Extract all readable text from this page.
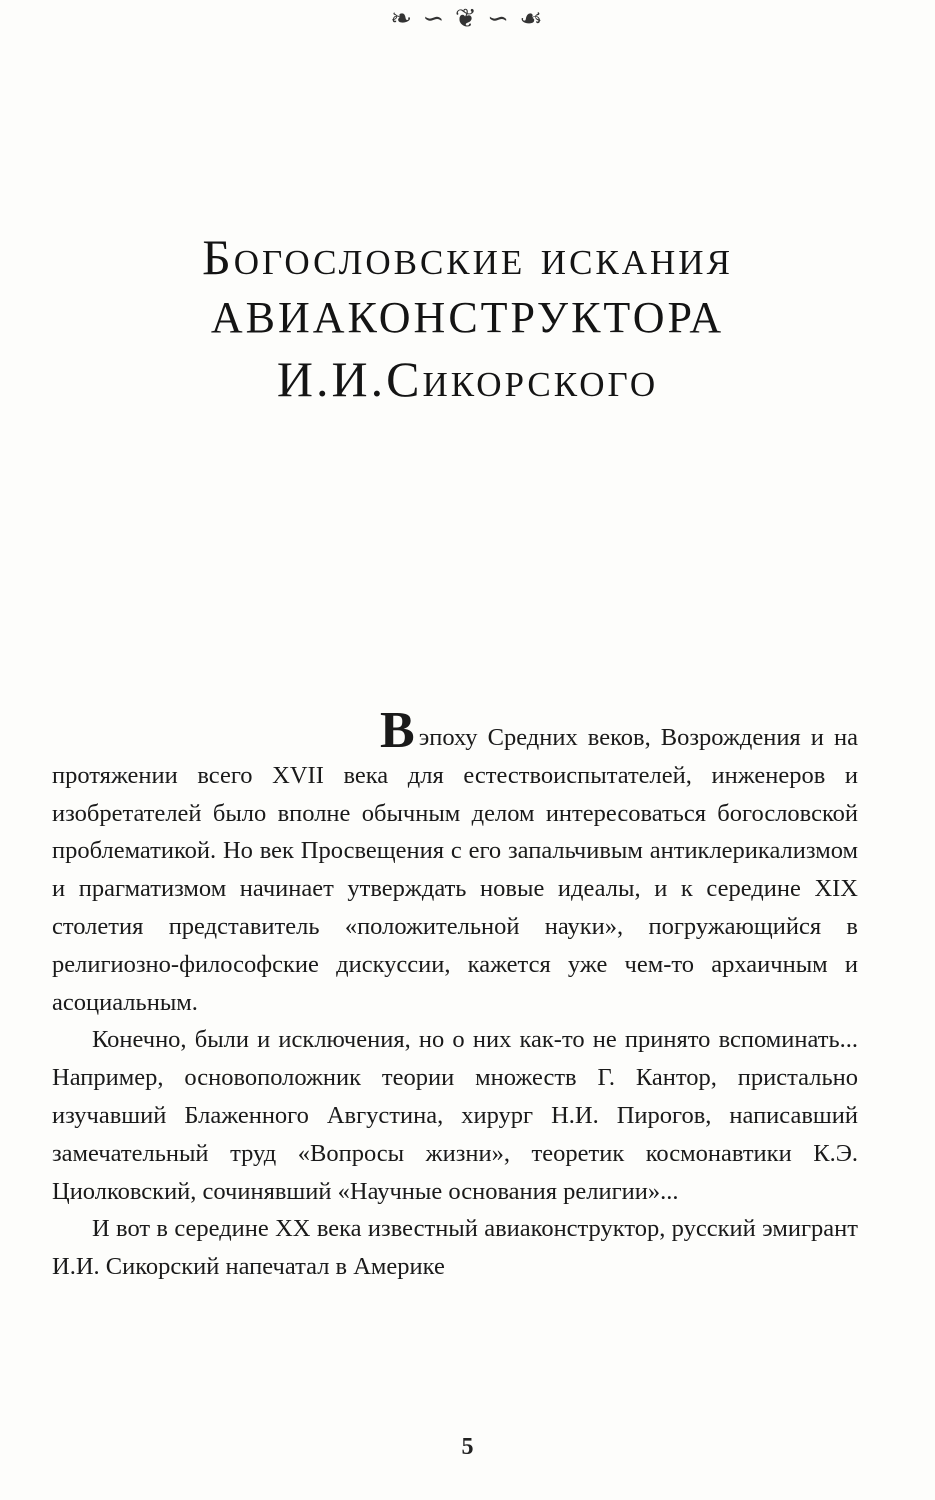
❧ ∽ ❦ ∽ ☙

Богословские искания
АВИАКОНСТРУКТОРА
И.И.Сикорского

Вэпоху Средних веков, Возрождения и на протяжении всего XVII века для естествоиспытателей, инженеров и изобретателей было вполне обычным делом интересоваться богословской проблематикой. Но век Просвещения с его запальчивым антиклерикализмом и прагматизмом начинает утверждать новые идеалы, и к середине XIX столетия представитель «положительной науки», погружающийся в религиозно-философские дискуссии, кажется уже чем-то архаичным и асоциальным.

Конечно, были и исключения, но о них как-то не принято вспоминать... Например, основоположник теории множеств Г. Кантор, пристально изучавший Блаженного Августина, хирург Н.И. Пирогов, написавший замечательный труд «Вопросы жизни», теоретик космонавтики К.Э. Циолковский, сочинявший «Научные основания религии»...

И вот в середине XX века известный авиаконструктор, русский эмигрант И.И. Сикорский напечатал в Америке

5
